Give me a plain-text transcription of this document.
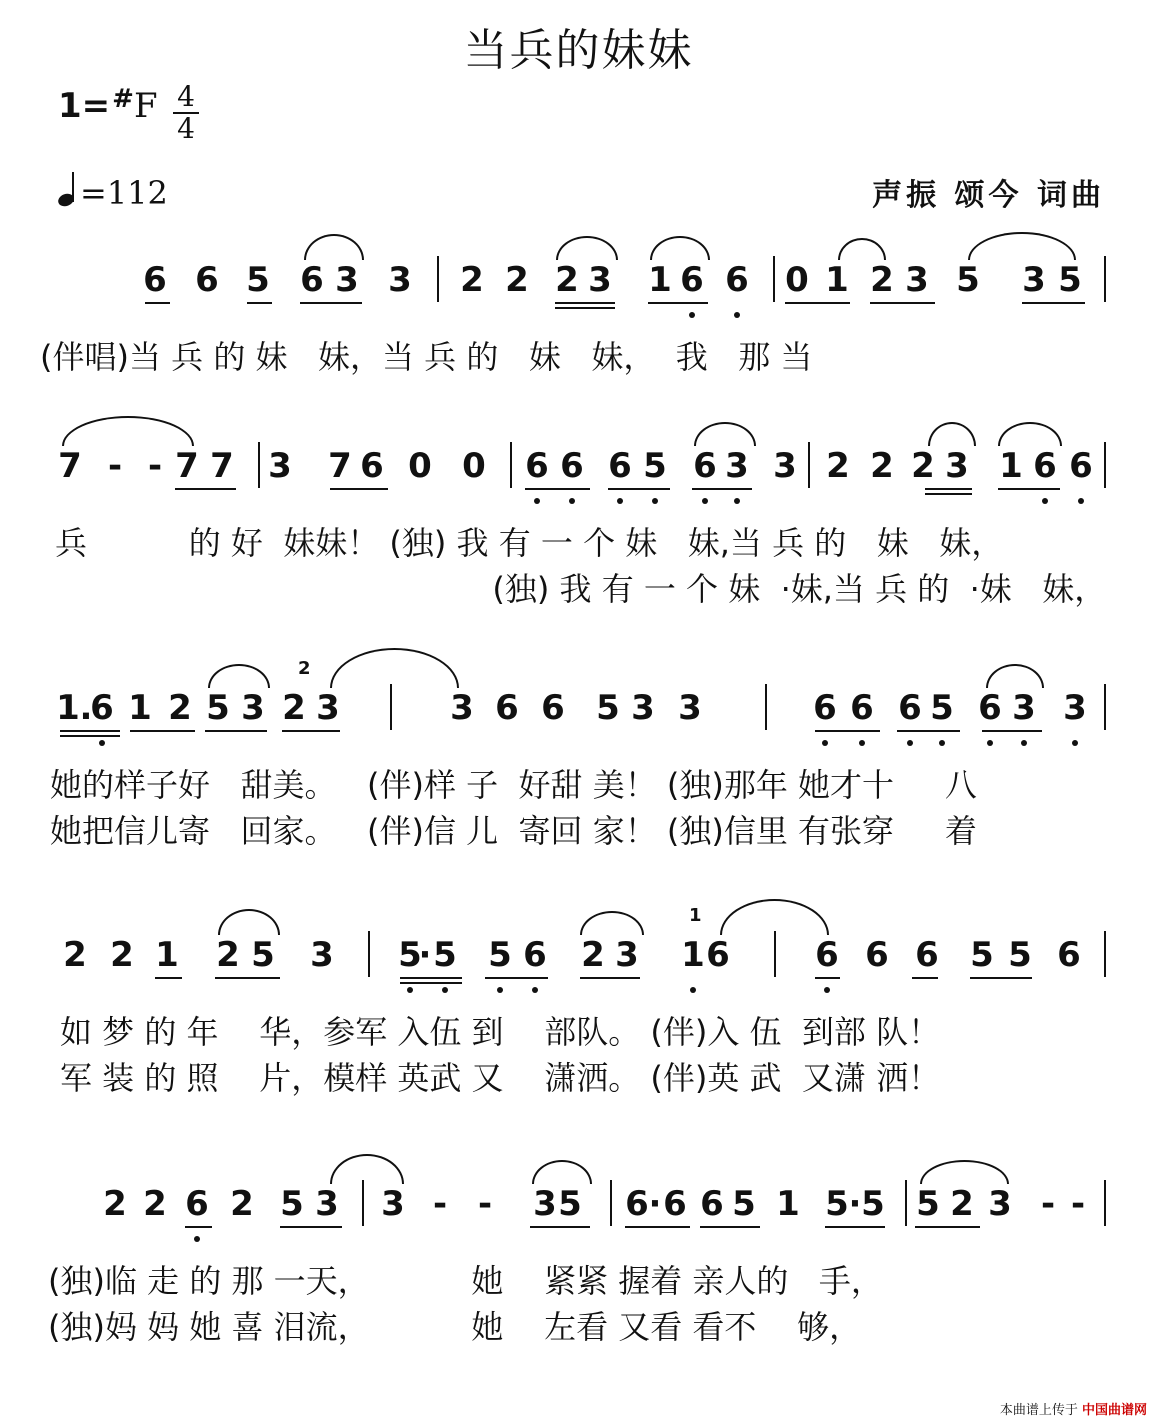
当兵的妹妹
1=#F 4
4
=112	声振 颂今 词曲
6 6 5 6 3 3 2 2 2 3 1 6 6 0 1 2 3 5 3 5
(伴唱)当 兵 的 妹   妹，当 兵 的   妹   妹，  我   那 当
7 - - 7 7 3 7 6 0 0 6 6 6 5 6 3 3 2 2 2 3 1 6 6
兵          的 好  妹妹！ (独) 我 有 一 个 妹   妹,当 兵 的   妹   妹，
(独) 我 有 一 个 妹  ·妹,当 兵 的  ·妹   妹，
1 .
6 1 2 5 3 2 3	3 6 6 5 3 3	6 6 6 5 6 3 3
2
她的样子好   甜美。   (伴)样 子  好甜 美！ (独)那年 她才十     八
她把信儿寄   回家。   (伴)信 儿  寄回 家！ (独)信里 有张穿     着
2 2 1 2 5 3 5
· 5 5 6 2 3 1 6	6 6 6 5 5 6
1
如 梦 的 年    华，参军 入伍 到    部队。 (伴)入 伍  到部 队！
军 装 的 照    片，模样 英武 又    潇洒。 (伴)英 武  又潇 洒！
2 2 6 2 5 3 3 - - 3 5 6 · 6 6 5 1 5 · 5 5 2 3 - -
(独)临 走 的 那 一天，          她    紧紧 握着 亲人的   手，
(独)妈 妈 她 喜 泪流，          她    左看 又看 看不    够，
本曲谱上传于 中国曲谱网
